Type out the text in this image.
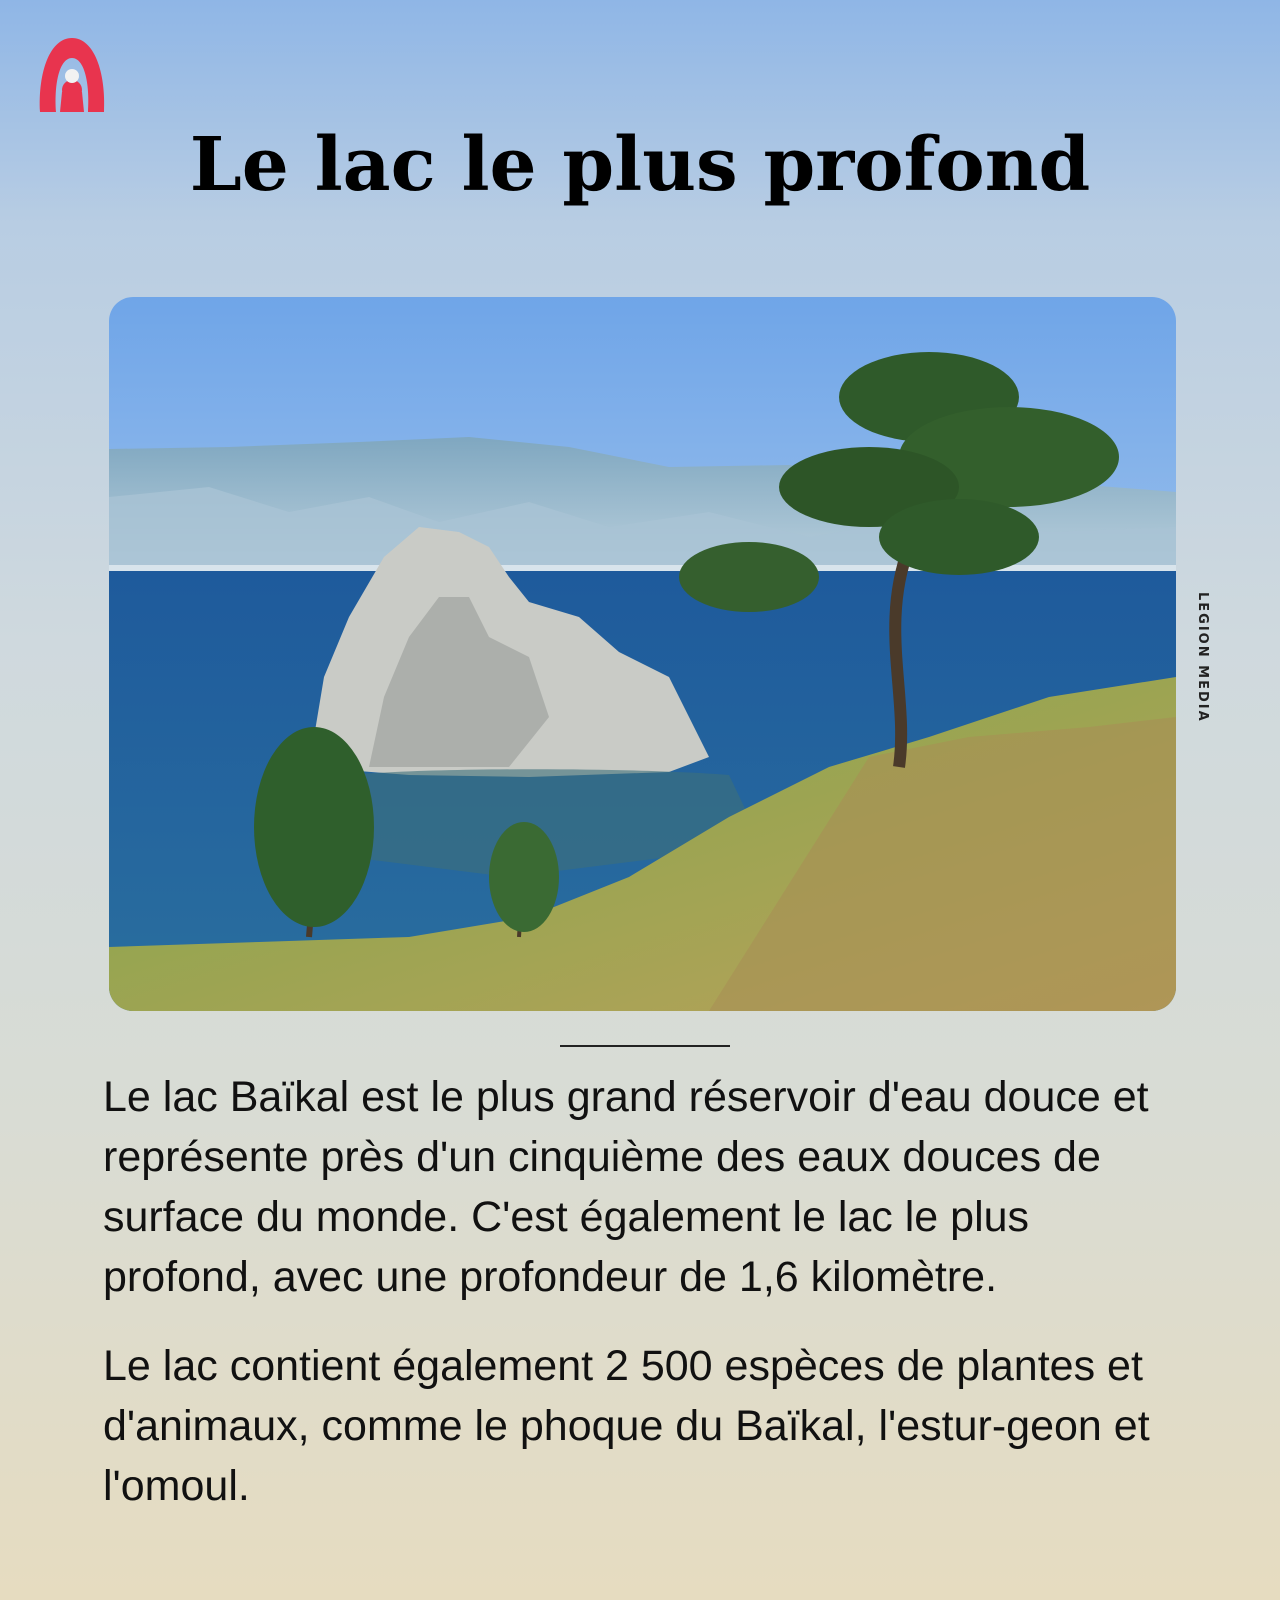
Le lac le plus profond
LEGION MEDIA

Le lac Baïkal est le plus grand réservoir d'eau douce et représente près d'un cinquième des eaux douces de surface du monde. C'est également le lac le plus profond, avec une profondeur de 1,6 kilomètre.

Le lac contient également 2 500 espèces de plantes et d'animaux, comme le phoque du Baïkal, l'estur-geon et l'omoul.
